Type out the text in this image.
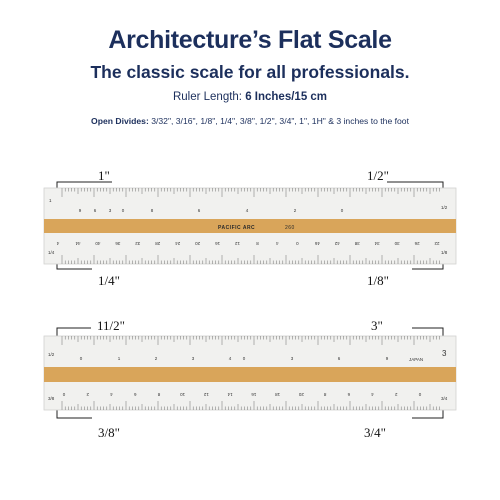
Architecture’s Flat Scale
The classic scale for all professionals.
Ruler Length: 6 Inches/15 cm
Open Divides: 3/32", 3/16", 1/8", 1/4", 3/8", 1/2", 3/4", 1", 1H" & 3 inches to the foot
1"	1/2"
1/4"	1/8"
11/2"	3"
3/8"	3/4"
PACIFIC ARC	260
9	6	3 0	8	6	4	2	0
4	44	40	36	32	28	24	20	16	12	8	4	0	46	42	38	34	30	26	22
1
1/2
1/4	1/8
0	1	2	3	4	0	3	6	9
0	2	4	6	8	10	12	14	16	18	20	8	6	4	2	0
JAPAN
1/2	3
3/8	3/4
